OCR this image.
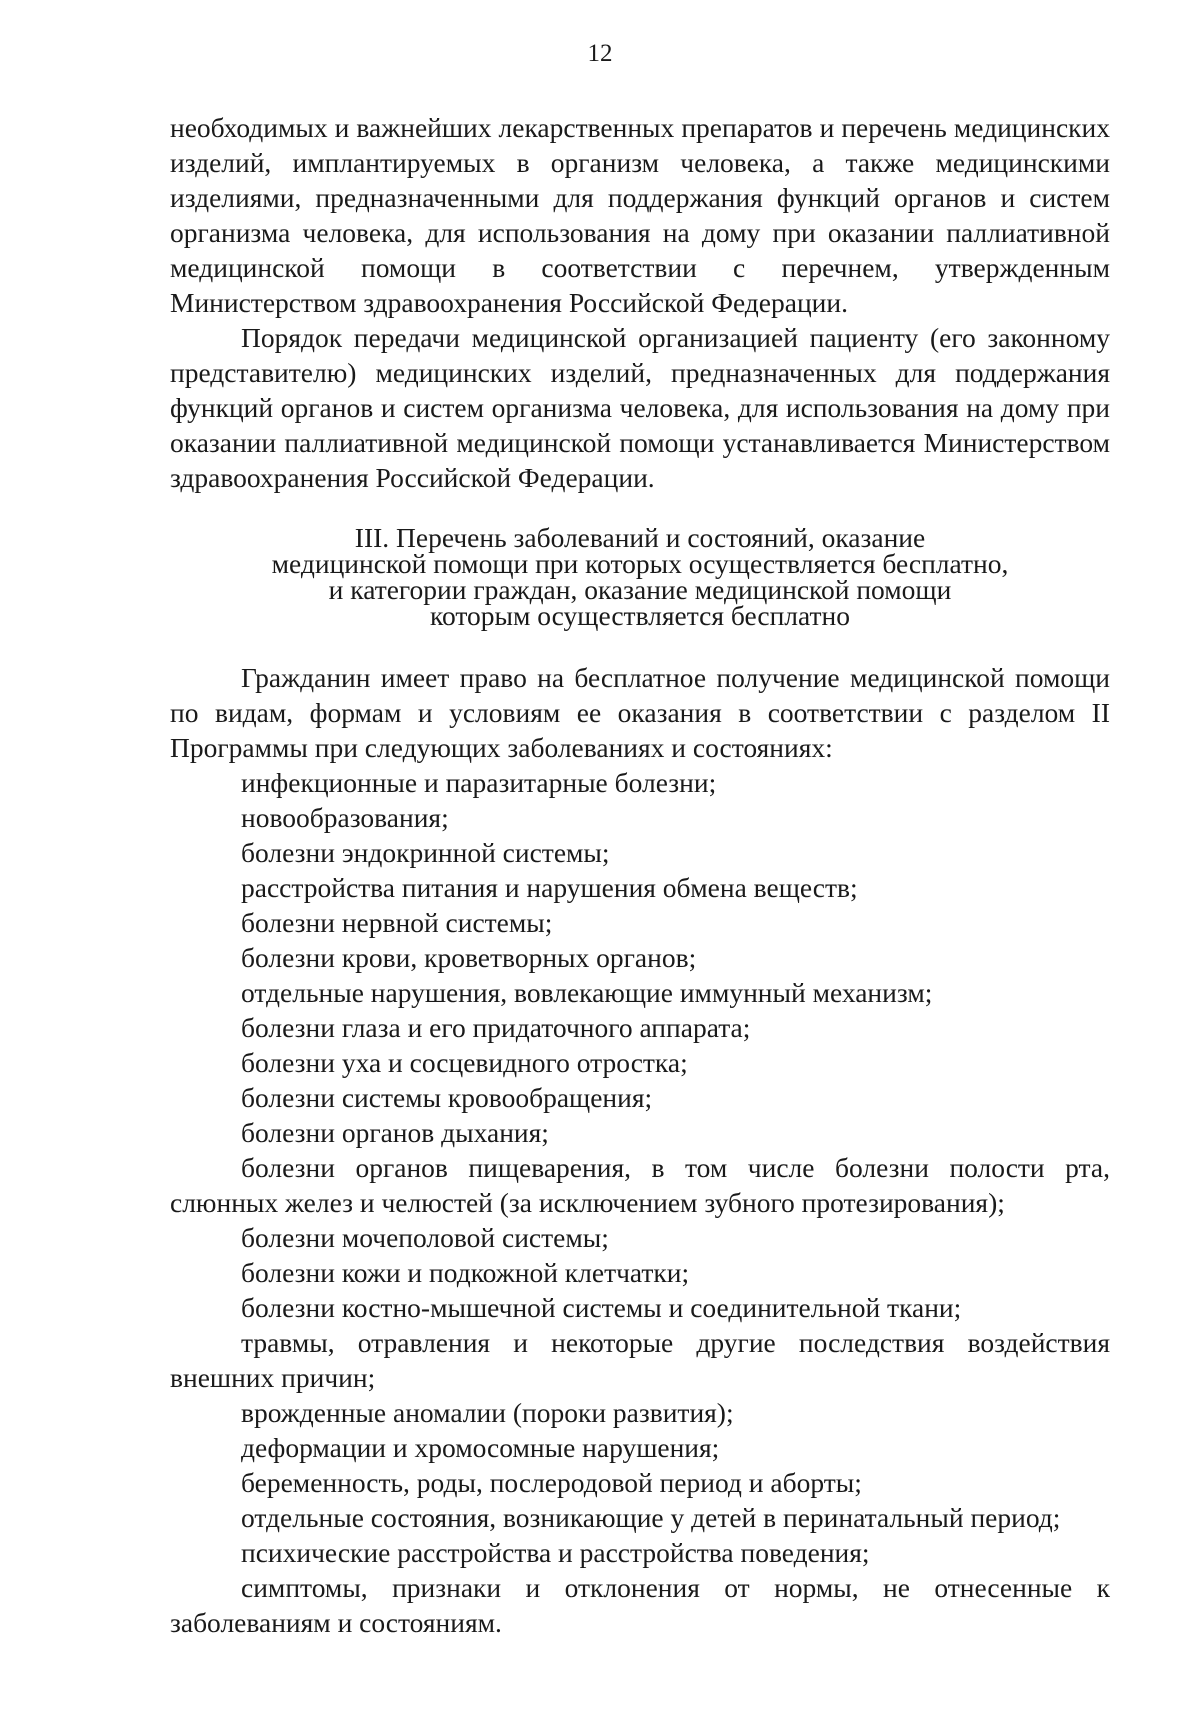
12

необходимых и важнейших лекарственных препаратов и перечень медицинских изделий, имплантируемых в организм человека, а также медицинскими изделиями, предназначенными для поддержания функций органов и систем организма человека, для использования на дому при оказании паллиативной медицинской помощи в соответствии с перечнем, утвержденным Министерством здравоохранения Российской Федерации.

Порядок передачи медицинской организацией пациенту (его законному представителю) медицинских изделий, предназначенных для поддержания функций органов и систем организма человека, для использования на дому при оказании паллиативной медицинской помощи устанавливается Министерством здравоохранения Российской Федерации.

III. Перечень заболеваний и состояний, оказание
медицинской помощи при которых осуществляется бесплатно,
и категории граждан, оказание медицинской помощи
которым осуществляется бесплатно

Гражданин имеет право на бесплатное получение медицинской помощи по видам, формам и условиям ее оказания в соответствии с разделом II Программы при следующих заболеваниях и состояниях:

инфекционные и паразитарные болезни;

новообразования;

болезни эндокринной системы;

расстройства питания и нарушения обмена веществ;

болезни нервной системы;

болезни крови, кроветворных органов;

отдельные нарушения, вовлекающие иммунный механизм;

болезни глаза и его придаточного аппарата;

болезни уха и сосцевидного отростка;

болезни системы кровообращения;

болезни органов дыхания;

болезни органов пищеварения, в том числе болезни полости рта, слюнных желез и челюстей (за исключением зубного протезирования);

болезни мочеполовой системы;

болезни кожи и подкожной клетчатки;

болезни костно-мышечной системы и соединительной ткани;

травмы, отравления и некоторые другие последствия воздействия внешних причин;

врожденные аномалии (пороки развития);

деформации и хромосомные нарушения;

беременность, роды, послеродовой период и аборты;

отдельные состояния, возникающие у детей в перинатальный период;

психические расстройства и расстройства поведения;

симптомы, признаки и отклонения от нормы, не отнесенные к заболеваниям и состояниям.
